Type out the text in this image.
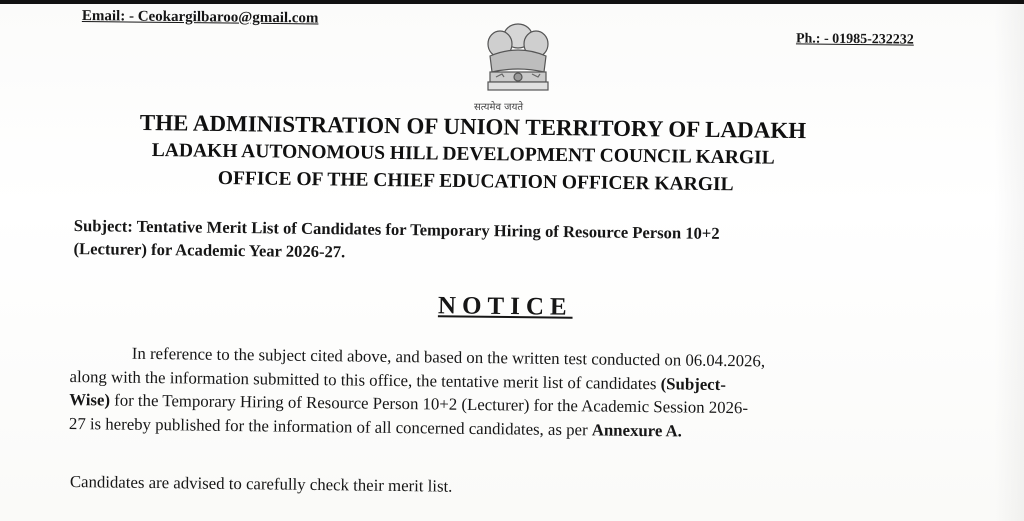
Email: - Ceokargilbaroo@gmail.com
Ph.: - 01985-232232
सत्यमेव जयते
THE ADMINISTRATION OF UNION TERRITORY OF LADAKH
LADAKH AUTONOMOUS HILL DEVELOPMENT COUNCIL KARGIL
OFFICE OF THE CHIEF EDUCATION OFFICER KARGIL
Subject: Tentative Merit List of Candidates for Temporary Hiring of Resource Person 10+2
(Lecturer) for Academic Year 2026-27.
NOTICE
In reference to the subject cited above, and based on the written test conducted on 06.04.2026,
along with the information submitted to this office, the tentative merit list of candidates (Subject-
Wise) for the Temporary Hiring of Resource Person 10+2 (Lecturer) for the Academic Session 2026-
27 is hereby published for the information of all concerned candidates, as per Annexure A.
Candidates are advised to carefully check their merit list.
